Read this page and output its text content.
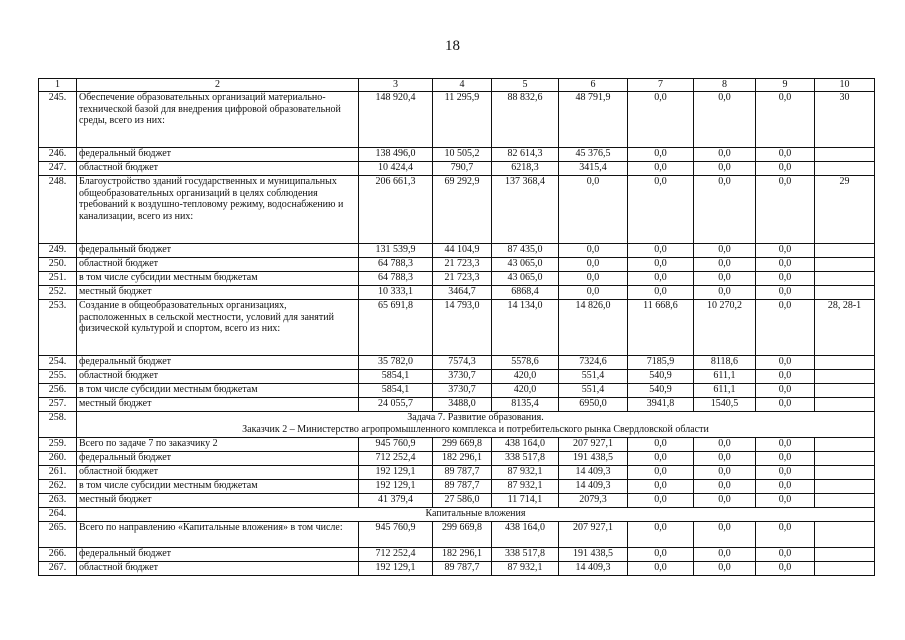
18
1	2	3	4	5	6	7	8	9	10
245.	Обеспечение образовательных организаций материально-технической базой для внедрения цифровой образовательной среды, всего из них:	148 920,4	11 295,9	88 832,6	48 791,9	0,0	0,0	0,0	30
246.	федеральный бюджет	138 496,0	10 505,2	82 614,3	45 376,5	0,0	0,0	0,0	
247.	областной бюджет	10 424,4	790,7	6218,3	3415,4	0,0	0,0	0,0	
248.	Благоустройство зданий государственных и муниципальных общеобразовательных организаций в целях соблюдения требований к воздушно-тепловому режиму, водоснабжению и канализации, всего из них:	206 661,3	69 292,9	137 368,4	0,0	0,0	0,0	0,0	29
249.	федеральный бюджет	131 539,9	44 104,9	87 435,0	0,0	0,0	0,0	0,0	
250.	областной бюджет	64 788,3	21 723,3	43 065,0	0,0	0,0	0,0	0,0	
251.	в том числе субсидии местным бюджетам	64 788,3	21 723,3	43 065,0	0,0	0,0	0,0	0,0	
252.	местный бюджет	10 333,1	3464,7	6868,4	0,0	0,0	0,0	0,0	
253.	Создание в общеобразовательных организациях, расположенных в сельской местности, условий для занятий физической культурой и спортом, всего из них:	65 691,8	14 793,0	14 134,0	14 826,0	11 668,6	10 270,2	0,0	28, 28-1
254.	федеральный бюджет	35 782,0	7574,3	5578,6	7324,6	7185,9	8118,6	0,0	
255.	областной бюджет	5854,1	3730,7	420,0	551,4	540,9	611,1	0,0	
256.	в том числе субсидии местным бюджетам	5854,1	3730,7	420,0	551,4	540,9	611,1	0,0	
257.	местный бюджет	24 055,7	3488,0	8135,4	6950,0	3941,8	1540,5	0,0	
258.	Задача 7. Развитие образования.
Заказчик 2 – Министерство агропромышленного комплекса и потребительского рынка Свердловской области								

259.	Всего по задаче 7 по заказчику 2	945 760,9	299 669,8	438 164,0	207 927,1	0,0	0,0	0,0	
260.	федеральный бюджет	712 252,4	182 296,1	338 517,8	191 438,5	0,0	0,0	0,0	
261.	областной бюджет	192 129,1	89 787,7	87 932,1	14 409,3	0,0	0,0	0,0	
262.	в том числе субсидии местным бюджетам	192 129,1	89 787,7	87 932,1	14 409,3	0,0	0,0	0,0	
263.	местный бюджет	41 379,4	27 586,0	11 714,1	2079,3	0,0	0,0	0,0	
264.	Капитальные вложения								

265.	Всего по направлению «Капитальные вложения» в том числе:	945 760,9	299 669,8	438 164,0	207 927,1	0,0	0,0	0,0	
266.	федеральный бюджет	712 252,4	182 296,1	338 517,8	191 438,5	0,0	0,0	0,0	
267.	областной бюджет	192 129,1	89 787,7	87 932,1	14 409,3	0,0	0,0	0,0	
